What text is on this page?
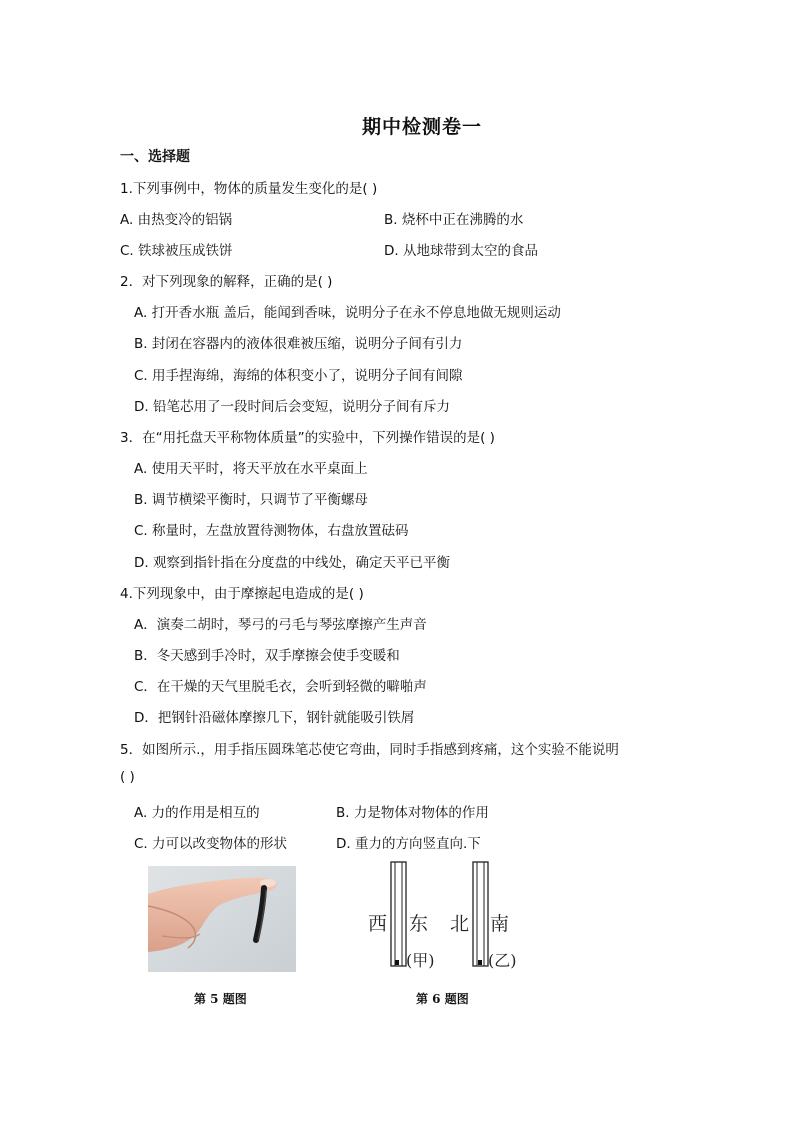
期中检测卷一
一、选择题
1.下列事例中，物体的质量发生变化的是( )
A. 由热变冷的铝锅	B. 烧杯中正在沸腾的水
C. 铁球被压成铁饼	D. 从地球带到太空的食品
2．对下列现象的解释，正确的是( )
A. 打开香水瓶 盖后，能闻到香味，说明分子在永不停息地做无规则运动
B. 封闭在容器内的液体很难被压缩，说明分子间有引力
C. 用手捏海绵，海绵的体积变小了，说明分子间有间隙
D. 铅笔芯用了一段时间后会变短，说明分子间有斥力
3．在“用托盘天平称物体质量”的实验中，下列操作错误的是( )
A. 使用天平时，将天平放在水平桌面上
B. 调节横梁平衡时，只调节了平衡螺母
C. 称量时，左盘放置待测物体，右盘放置砝码
D. 观察到指针指在分度盘的中线处，确定天平已平衡
4.下列现象中，由于摩擦起电造成的是( )
A．演奏二胡时，琴弓的弓毛与琴弦摩擦产生声音
B．冬天感到手冷时，双手摩擦会使手变暖和
C．在干燥的天气里脱毛衣，会听到轻微的噼啪声
D．把钢针沿磁体摩擦几下，钢针就能吸引铁屑
5．如图所示.，用手指压圆珠笔芯使它弯曲，同时手指感到疼痛，这个实验不能说明
( )
A. 力的作用是相互的	B. 力是物体对物体的作用
C. 力可以改变物体的形状	D. 重力的方向竖直向.下
西 东 北 南
(甲)	(乙)
第 5 题图	第 6 题图
